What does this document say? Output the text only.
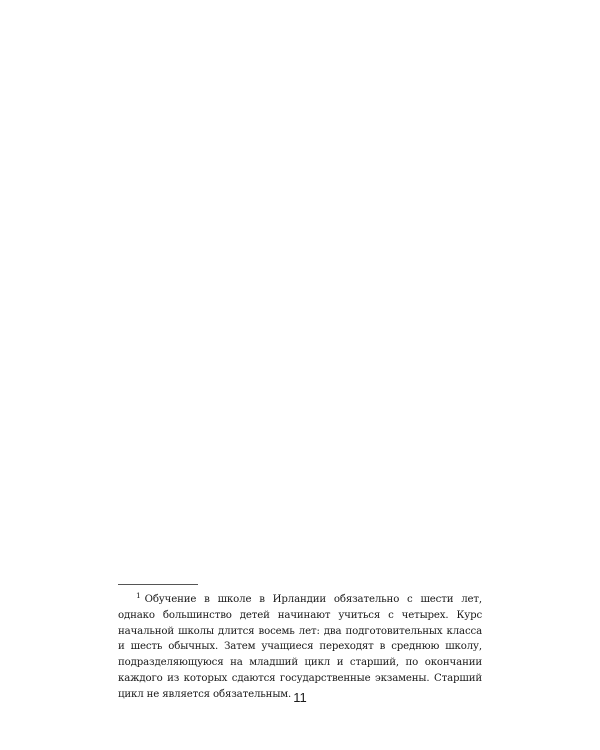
$^1$ Обучение в школе в Ирландии обязательно с шести лет, однако большинство детей начинают учиться с четырех. Курс начальной школы длится восемь лет: два подготовительных класса и шесть обычных. Затем учащиеся переходят в среднюю школу, подразделяющуюся на младший цикл и старший, по окончании каждого из которых сдаются государственные экзамены. Старший цикл не является обязательным. 11
